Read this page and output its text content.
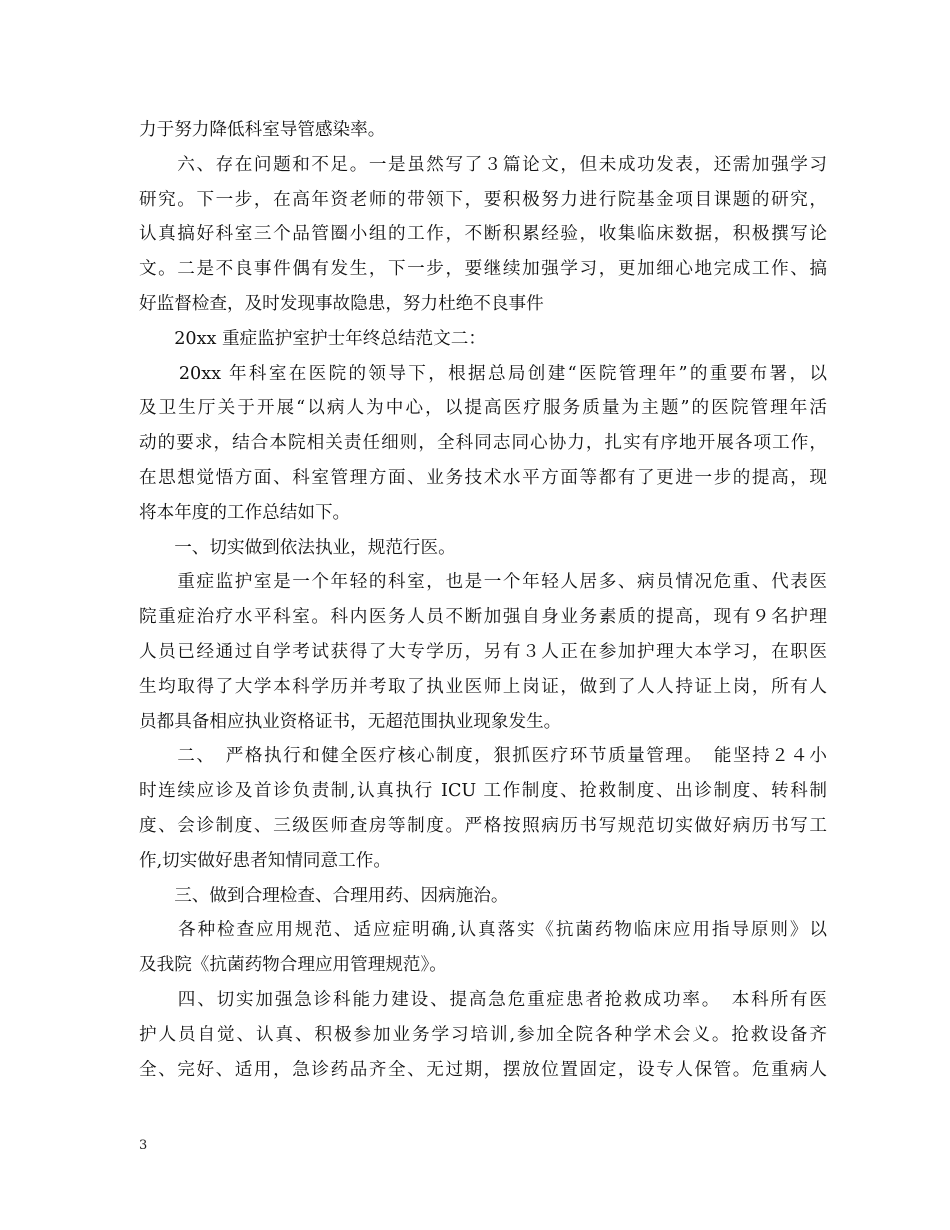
力于努力降低科室导管感染率。
　　六、存在问题和不足。一是虽然写了３篇论文，但未成功发表，还需加强学习
研究。下一步，在高年资老师的带领下，要积极努力进行院基金项目课题的研究，
认真搞好科室三个品管圈小组的工作，不断积累经验，收集临床数据，积极撰写论
文。二是不良事件偶有发生，下一步，要继续加强学习，更加细心地完成工作、搞
好监督检查，及时发现事故隐患，努力杜绝不良事件
　　20xx 重症监护室护士年终总结范文二：
　　20xx 年科室在医院的领导下，根据总局创建“医院管理年”的重要布署，以
及卫生厅关于开展“以病人为中心，以提高医疗服务质量为主题”的医院管理年活
动的要求，结合本院相关责任细则，全科同志同心协力，扎实有序地开展各项工作，
在思想觉悟方面、科室管理方面、业务技术水平方面等都有了更进一步的提高，现
将本年度的工作总结如下。
　　一、切实做到依法执业，规范行医。
　　重症监护室是一个年轻的科室，也是一个年轻人居多、病员情况危重、代表医
院重症治疗水平科室。科内医务人员不断加强自身业务素质的提高，现有９名护理
人员已经通过自学考试获得了大专学历，另有３人正在参加护理大本学习，在职医
生均取得了大学本科学历并考取了执业医师上岗证，做到了人人持证上岗，所有人
员都具备相应执业资格证书，无超范围执业现象发生。
　　二、　严格执行和健全医疗核心制度，狠抓医疗环节质量管理。　能坚持２４小
时连续应诊及首诊负责制,认真执行 ICU 工作制度、抢救制度、出诊制度、转科制
度、会诊制度、三级医师查房等制度。严格按照病历书写规范切实做好病历书写工
作,切实做好患者知情同意工作。
　　三、做到合理检查、合理用药、因病施治。
　　各种检查应用规范、适应症明确,认真落实《抗菌药物临床应用指导原则》以
及我院《抗菌药物合理应用管理规范》。
　　四、切实加强急诊科能力建设、提高急危重症患者抢救成功率。　本科所有医
护人员自觉、认真、积极参加业务学习培训,参加全院各种学术会义。抢救设备齐
全、完好、适用，急诊药品齐全、无过期，摆放位置固定，设专人保管。危重病人
3
